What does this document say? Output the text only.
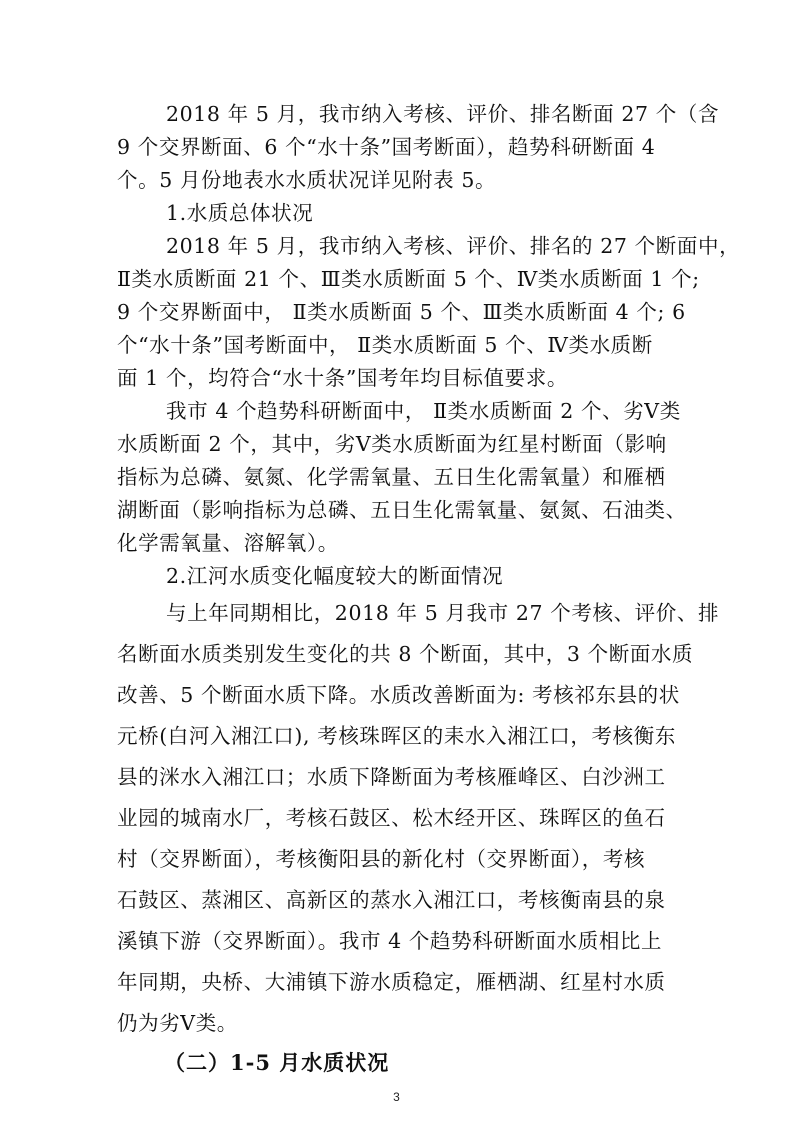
2018 年 5 月，我市纳入考核、评价、排名断面 27 个（含

9 个交界断面、6 个“水十条”国考断面），趋势科研断面 4

个。5 月份地表水水质状况详见附表 5。

1.水质总体状况

2018 年 5 月，我市纳入考核、评价、排名的 27 个断面中，

Ⅱ类水质断面 21 个、Ⅲ类水质断面 5 个、Ⅳ类水质断面 1 个;

9 个交界断面中， Ⅱ类水质断面 5 个、Ⅲ类水质断面 4 个; 6

个“水十条”国考断面中， Ⅱ类水质断面 5 个、Ⅳ类水质断

面 1 个，均符合“水十条”国考年均目标值要求。

我市 4 个趋势科研断面中， Ⅱ类水质断面 2 个、劣Ⅴ类

水质断面 2 个，其中，劣Ⅴ类水质断面为红星村断面（影响

指标为总磷、氨氮、化学需氧量、五日生化需氧量）和雁栖

湖断面（影响指标为总磷、五日生化需氧量、氨氮、石油类、

化学需氧量、溶解氧）。

2.江河水质变化幅度较大的断面情况

与上年同期相比，2018 年 5 月我市 27 个考核、评价、排

名断面水质类别发生变化的共 8 个断面，其中，3 个断面水质

改善、5 个断面水质下降。水质改善断面为: 考核祁东县的状

元桥(白河入湘江口), 考核珠晖区的耒水入湘江口，考核衡东

县的洣水入湘江口；水质下降断面为考核雁峰区、白沙洲工

业园的城南水厂，考核石鼓区、松木经开区、珠晖区的鱼石

村（交界断面），考核衡阳县的新化村（交界断面），考核

石鼓区、蒸湘区、高新区的蒸水入湘江口，考核衡南县的泉

溪镇下游（交界断面）。我市 4 个趋势科研断面水质相比上

年同期，央桥、大浦镇下游水质稳定，雁栖湖、红星村水质

仍为劣Ⅴ类。

（二）1-5 月水质状况

3
